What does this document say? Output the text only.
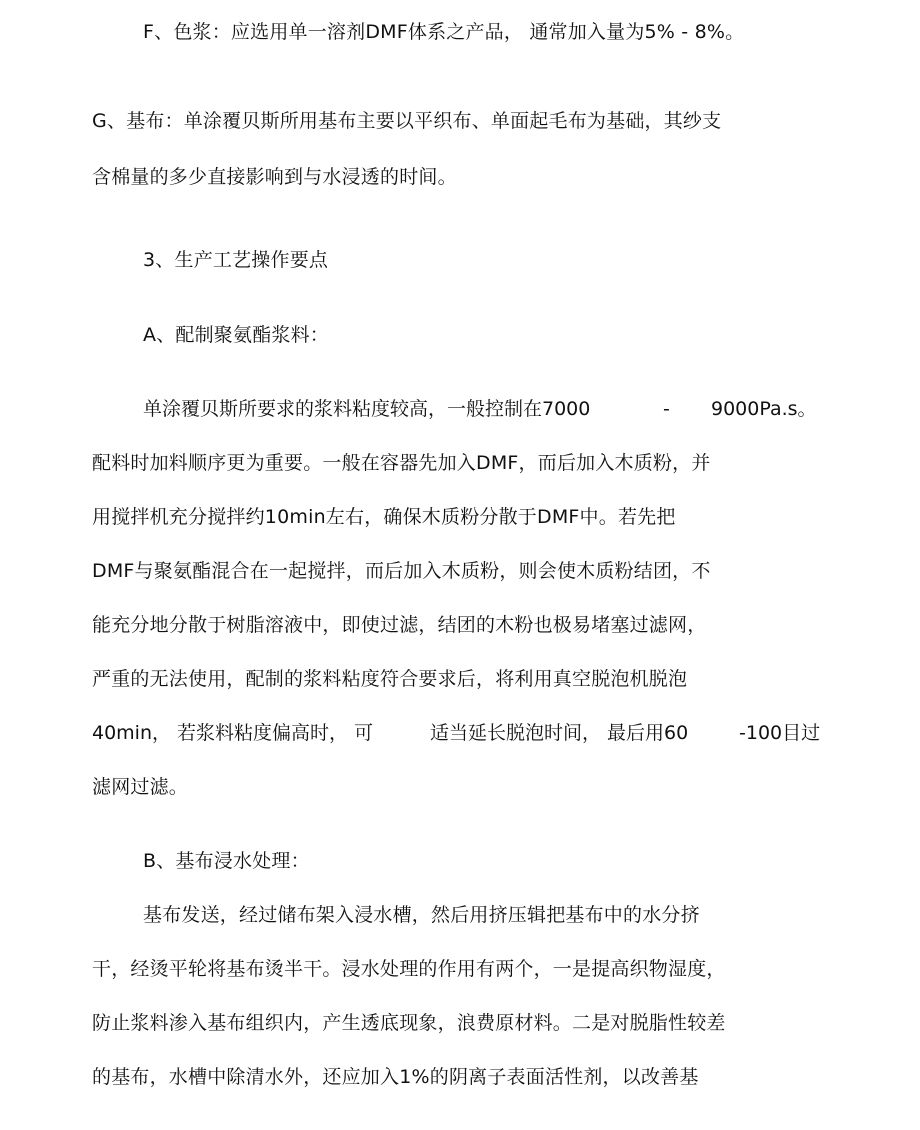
F、色浆：应选用单一溶剂DMF体系之产品， 通常加入量为5% - 8%。
G、基布：单涂覆贝斯所用基布主要以平织布、单面起毛布为基础，其纱支
含棉量的多少直接影响到与水浸透的时间。
3、生产工艺操作要点
A、配制聚氨酯浆料：
单涂覆贝斯所要求的浆料粘度较高，一般控制在7000	- 9000Pa.s。
配料时加料顺序更为重要。一般在容器先加入DMF，而后加入木质粉，并
用搅拌机充分搅拌约10min左右，确保木质粉分散于DMF中。若先把
DMF与聚氨酯混合在一起搅拌，而后加入木质粉，则会使木质粉结团，不
能充分地分散于树脂溶液中，即使过滤，结团的木粉也极易堵塞过滤网，
严重的无法使用，配制的浆料粘度符合要求后，将利用真空脱泡机脱泡
40min， 若浆料粘度偏高时， 可	适当延长脱泡时间， 最后用60	-100目过
滤网过滤。
B、基布浸水处理：
基布发送，经过储布架入浸水槽，然后用挤压辑把基布中的水分挤
干，经烫平轮将基布烫半干。浸水处理的作用有两个，一是提高织物湿度，
防止浆料渗入基布组织内，产生透底现象，浪费原材料。二是对脱脂性较差
的基布，水槽中除清水外，还应加入1%的阴离子表面活性剂，以改善基
